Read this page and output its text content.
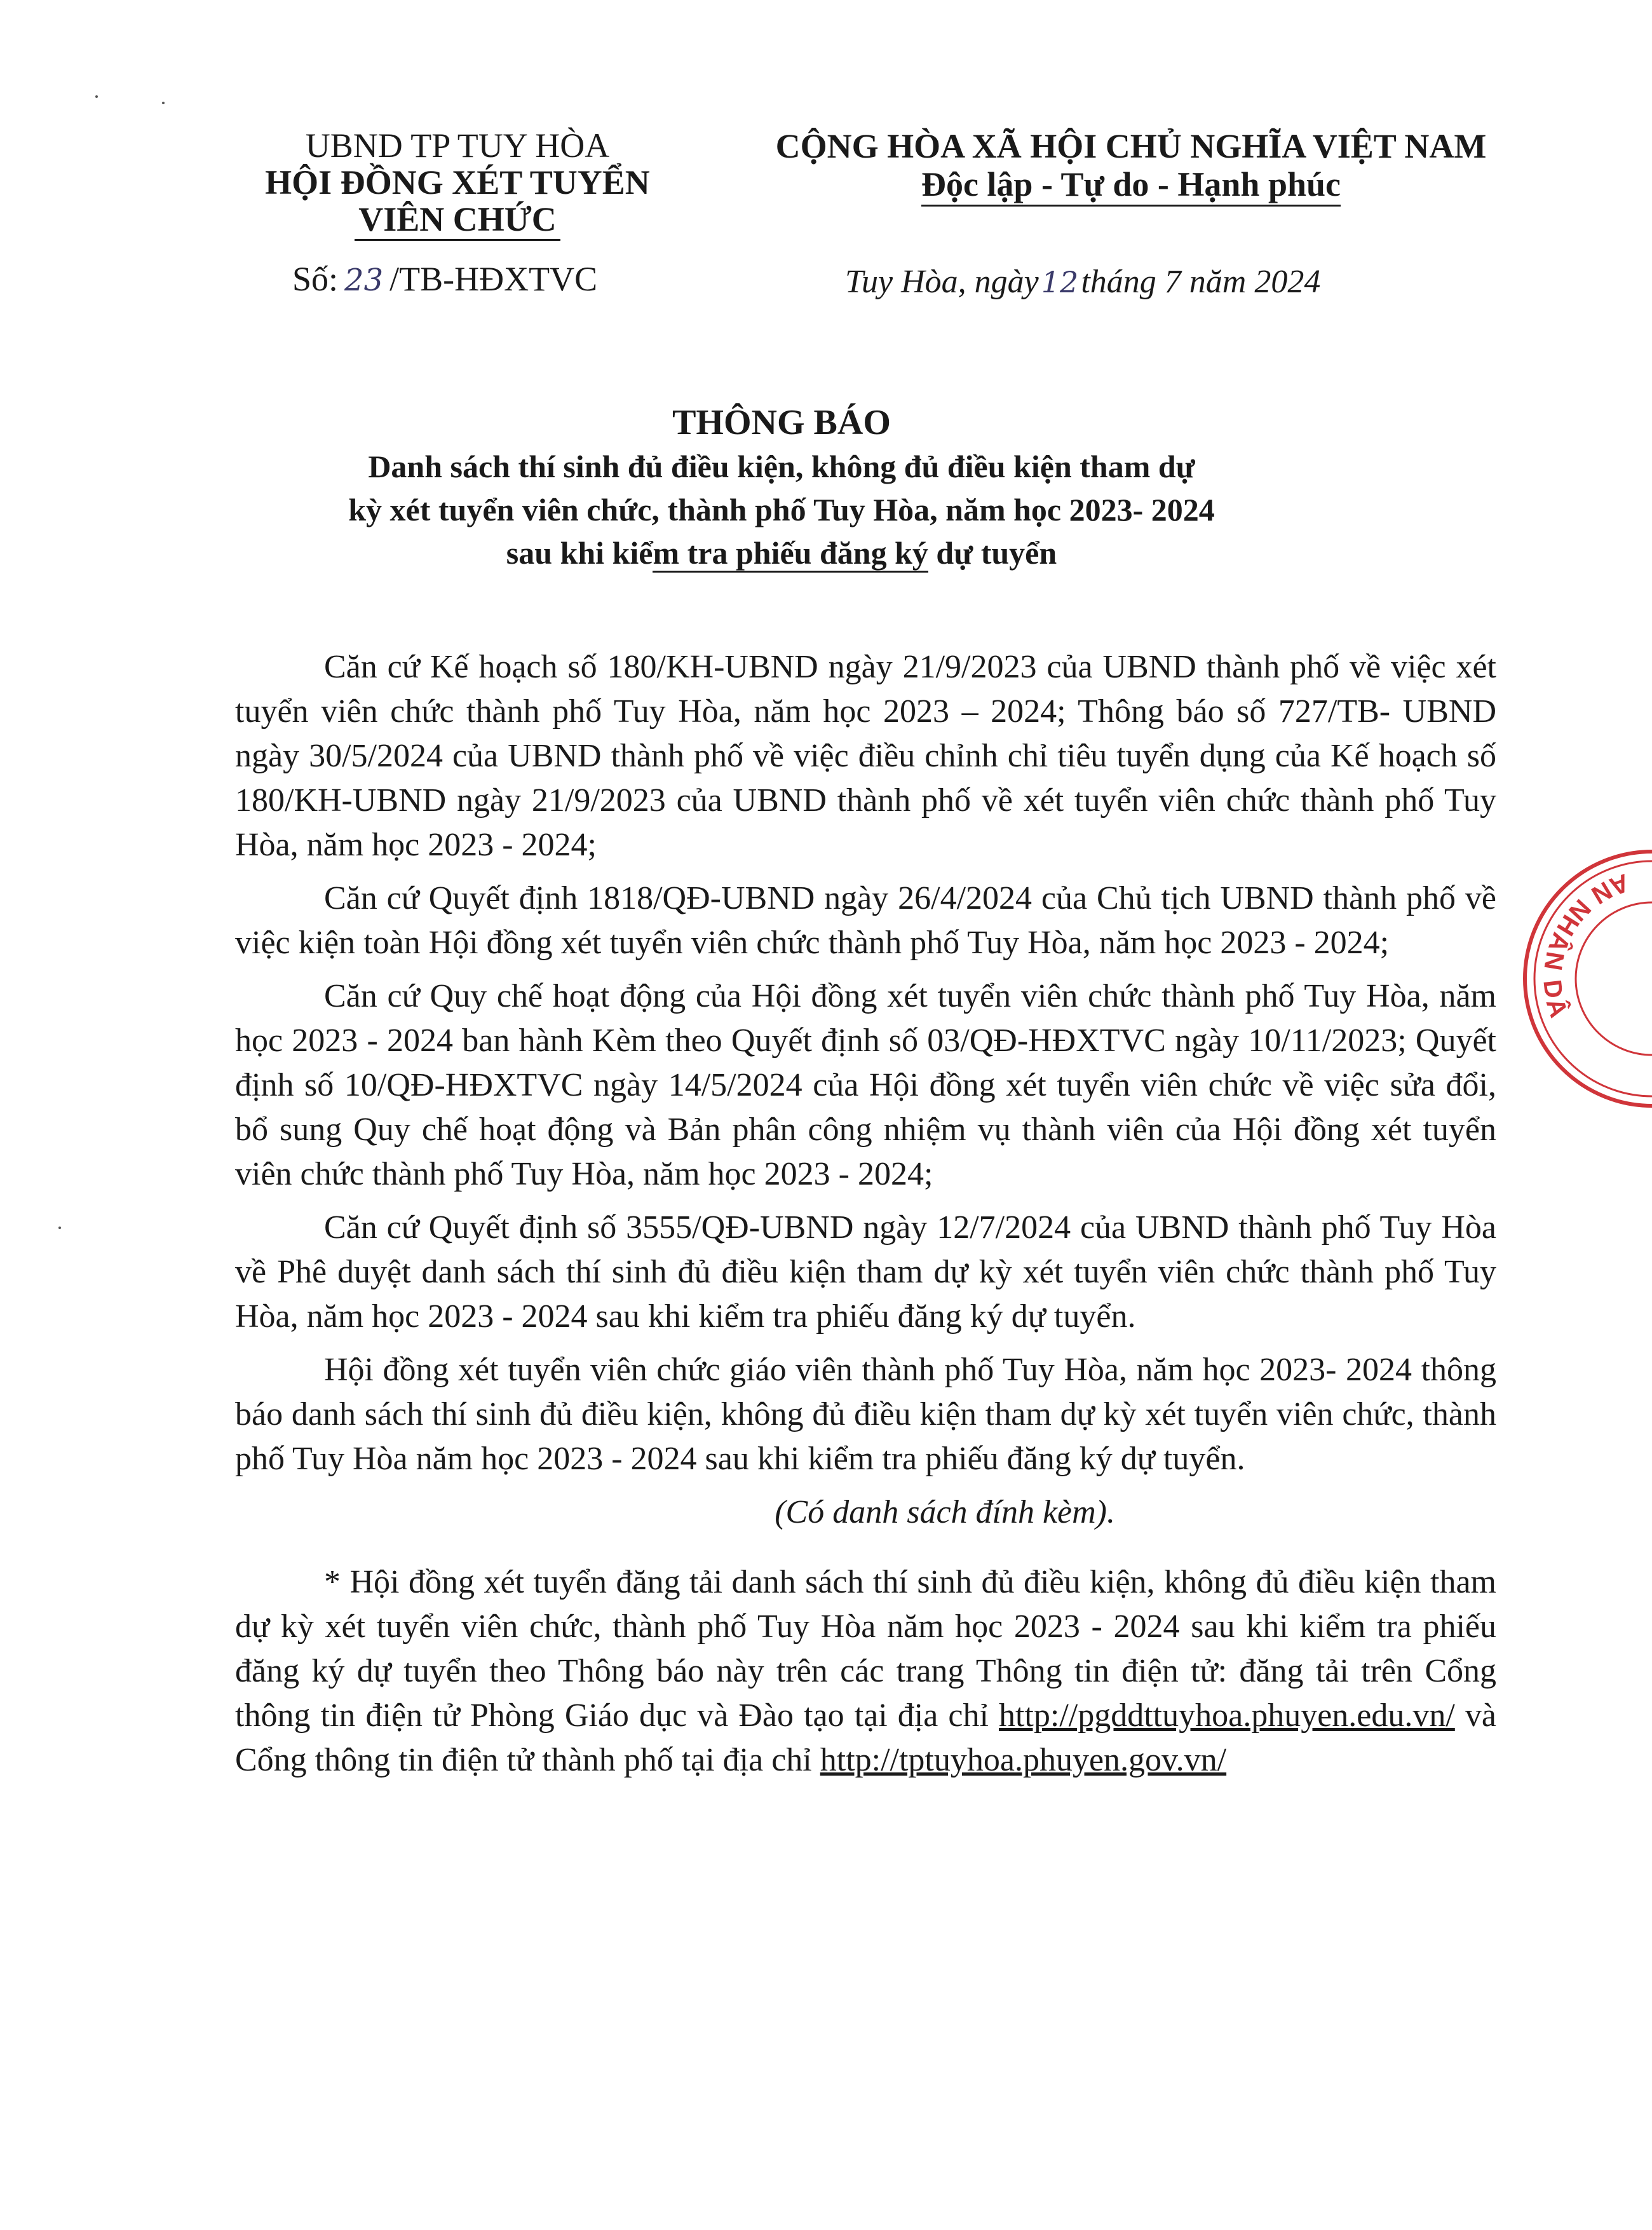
UBND TP TUY HÒA
HỘI ĐỒNG XÉT TUYỂN
VIÊN CHỨC
Số: 23 /TB-HĐXTVC
CỘNG HÒA XÃ HỘI CHỦ NGHĨA VIỆT NAM
Độc lập - Tự do - Hạnh phúc
Tuy Hòa, ngày12tháng 7 năm 2024
THÔNG BÁO
Danh sách thí sinh đủ điều kiện, không đủ điều kiện tham dự
kỳ xét tuyển viên chức, thành phố Tuy Hòa, năm học 2023- 2024
sau khi kiểm tra phiếu đăng ký dự tuyển

Căn cứ Kế hoạch số 180/KH-UBND ngày 21/9/2023 của UBND thành phố về việc xét tuyển viên chức thành phố Tuy Hòa, năm học 2023 – 2024; Thông báo số 727/TB- UBND ngày 30/5/2024 của UBND thành phố về việc điều chỉnh chỉ tiêu tuyển dụng của Kế hoạch số 180/KH-UBND ngày 21/9/2023 của UBND thành phố về xét tuyển viên chức thành phố Tuy Hòa, năm học 2023 - 2024;

Căn cứ Quyết định 1818/QĐ-UBND ngày 26/4/2024 của Chủ tịch UBND thành phố về việc kiện toàn Hội đồng xét tuyển viên chức thành phố Tuy Hòa, năm học 2023 - 2024;

Căn cứ Quy chế hoạt động của Hội đồng xét tuyển viên chức thành phố Tuy Hòa, năm học 2023 - 2024 ban hành Kèm theo Quyết định số 03/QĐ-HĐXTVC ngày 10/11/2023; Quyết định số 10/QĐ-HĐXTVC ngày 14/5/2024 của Hội đồng xét tuyển viên chức về việc sửa đổi, bổ sung Quy chế hoạt động và Bản phân công nhiệm vụ thành viên của Hội đồng xét tuyển viên chức thành phố Tuy Hòa, năm học 2023 - 2024;

Căn cứ Quyết định số 3555/QĐ-UBND ngày 12/7/2024 của UBND thành phố Tuy Hòa về Phê duyệt danh sách thí sinh đủ điều kiện tham dự kỳ xét tuyển viên chức thành phố Tuy Hòa, năm học 2023 - 2024 sau khi kiểm tra phiếu đăng ký dự tuyển.

Hội đồng xét tuyển viên chức giáo viên thành phố Tuy Hòa, năm học 2023- 2024 thông báo danh sách thí sinh đủ điều kiện, không đủ điều kiện tham dự kỳ xét tuyển viên chức, thành phố Tuy Hòa năm học 2023 - 2024 sau khi kiểm tra phiếu đăng ký dự tuyển.

(Có danh sách đính kèm).

* Hội đồng xét tuyển đăng tải danh sách thí sinh đủ điều kiện, không đủ điều kiện tham dự kỳ xét tuyển viên chức, thành phố Tuy Hòa năm học 2023 - 2024 sau khi kiểm tra phiếu đăng ký dự tuyển theo Thông báo này trên các trang Thông tin điện tử: đăng tải trên Cổng thông tin điện tử Phòng Giáo dục và Đào tạo tại địa chỉ http://pgddttuyhoa.phuyen.edu.vn/ và Cổng thông tin điện tử thành phố tại địa chỉ http://tptuyhoa.phuyen.gov.vn/

AN NHÂN DÂ
